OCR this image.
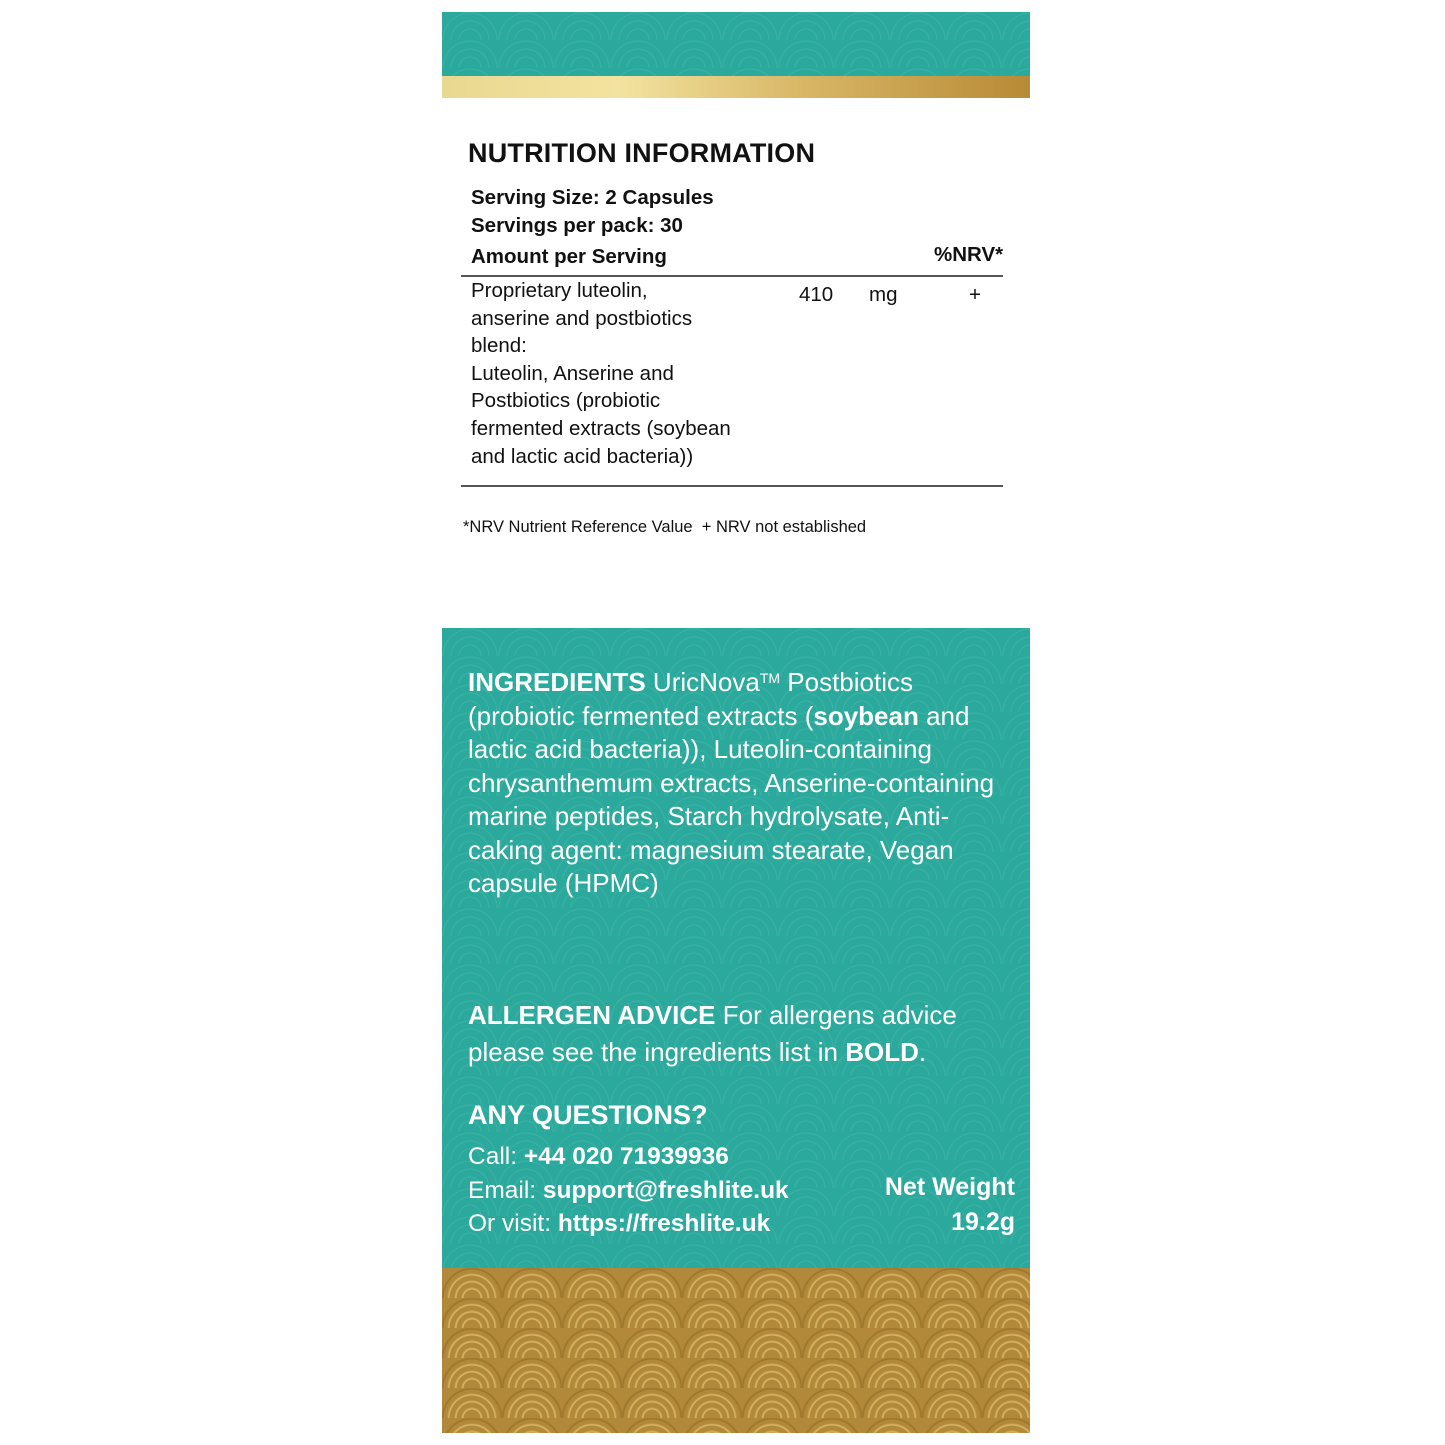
NUTRITION INFORMATION
Serving Size: 2 Capsules
Servings per pack: 30
Amount per Serving	%NRV*
Proprietary luteolin,
anserine and postbiotics
blend:
Luteolin, Anserine and
Postbiotics (probiotic
fermented extracts (soybean
and lactic acid bacteria))
410 mg	+
*NRV Nutrient Reference Value  + NRV not established
INGREDIENTS UricNova™ Postbiotics (probiotic fermented extracts (soybean and lactic acid bacteria)), Luteolin-containing chrysanthemum extracts, Anserine-containing marine peptides, Starch hydrolysate, Anti-caking agent: magnesium stearate, Vegan capsule (HPMC)
ALLERGEN ADVICE For allergens advice please see the ingredients list in BOLD.
ANY QUESTIONS?
Call: +44 020 71939936
Email: support@freshlite.uk
Or visit: https://freshlite.uk
Net Weight
19.2g
